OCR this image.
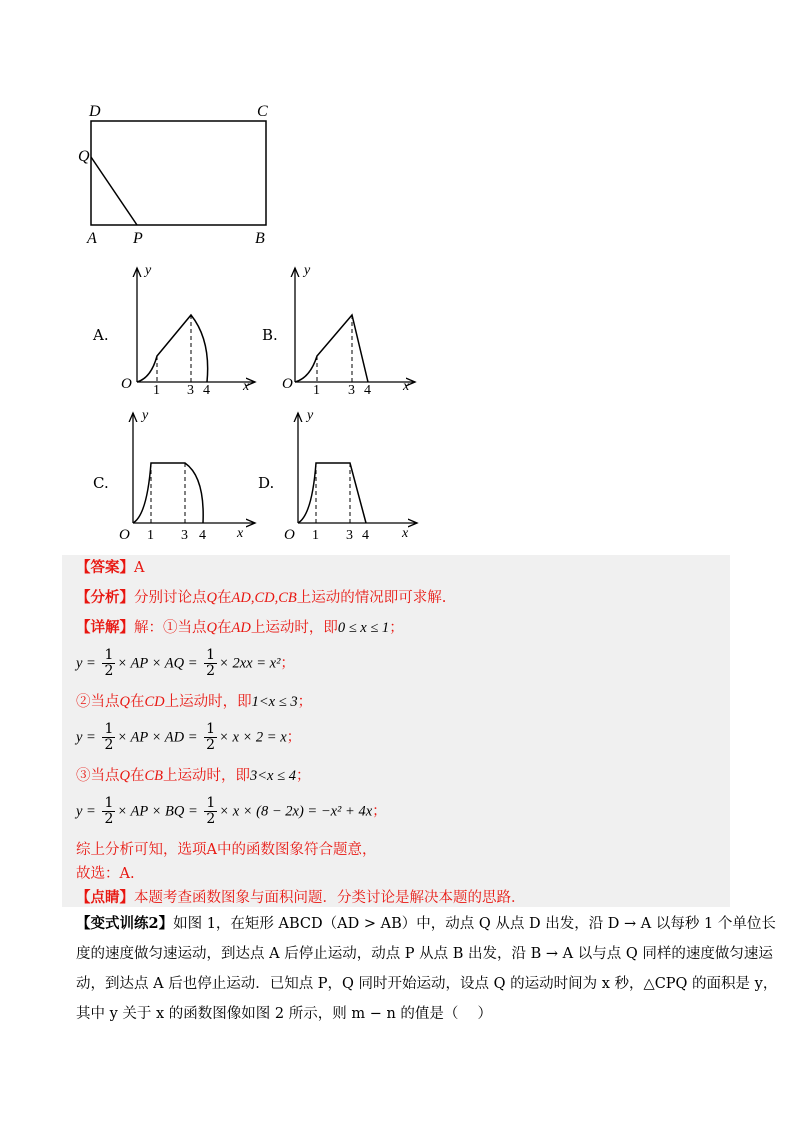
D	C
Q
A P	B
A.
y
O	x
1 3 4
B.
y
O	x
1 3 4
C.
y
O	x
1 3 4
D.
y
O	x
1 3 4
【答案】A
【分析】分别讨论点Q在AD,CD,CB上运动的情况即可求解.
【详解】解：①当点Q在AD上运动时，即0 ≤ x ≤ 1；
$y = \frac{1}{2}$ × AP × AQ = $\frac{1}{2} \times 2xx = x^2$；
②当点Q在CD上运动时，即1<x ≤ 3；
$y = \frac{1}{2}$ × AP × AD = $\frac{1}{2} \times x \times 2 = x$；
③当点Q在CB上运动时，即3<x ≤ 4；
$y = \frac{1}{2}$ × AP × BQ = $\frac{1}{2} \times x \times (8 - 2x) = -x^2 + 4x$；
综上分析可知，选项A中的函数图象符合题意，
故选：A.
【点睛】本题考查函数图象与面积问题．分类讨论是解决本题的思路．
【变式训练2】如图 1，在矩形 ABCD（AD > AB）中，动点 Q 从点 D 出发，沿 D → A 以每秒 1 个单位长
度的速度做匀速运动，到达点 A 后停止运动，动点 P 从点 B 出发，沿 B → A 以与点 Q 同样的速度做匀速运
动，到达点 A 后也停止运动．已知点 P，Q 同时开始运动，设点 Q 的运动时间为 x 秒，△CPQ 的面积是 y，
其中 y 关于 x 的函数图像如图 2 所示，则 m − n 的值是（　 ）
